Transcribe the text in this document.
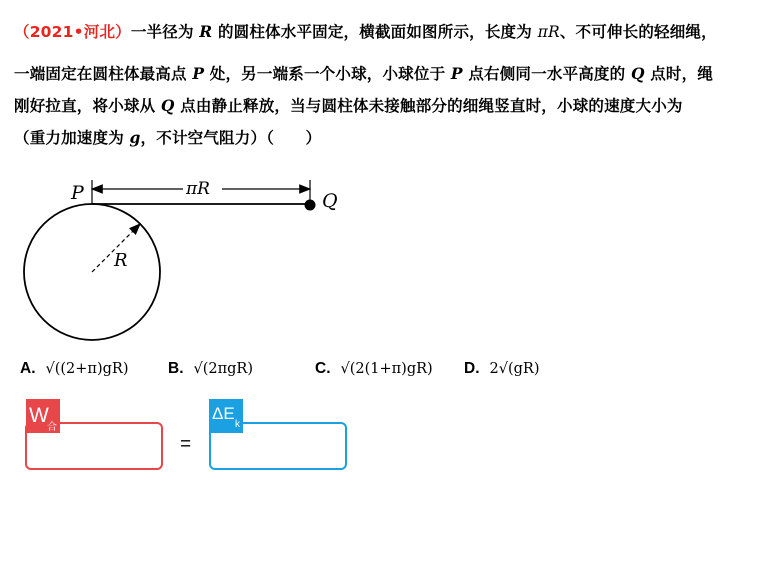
（2021•河北）一半径为 R 的圆柱体水平固定，横截面如图所示，长度为 πR、不可伸长的轻细绳，
一端固定在圆柱体最高点 P 处，另一端系一个小球，小球位于 P 点右侧同一水平高度的 Q 点时，绳
刚好拉直，将小球从 Q 点由静止释放，当与圆柱体未接触部分的细绳竖直时，小球的速度大小为
（重力加速度为 g，不计空气阻力）（　　）
P	Q
πR
R
A. √((2+π)gR)	B. √(2πgR)	C. √(2(1+π)gR) D. 2√(gR)
W
合
=
ΔE
k
